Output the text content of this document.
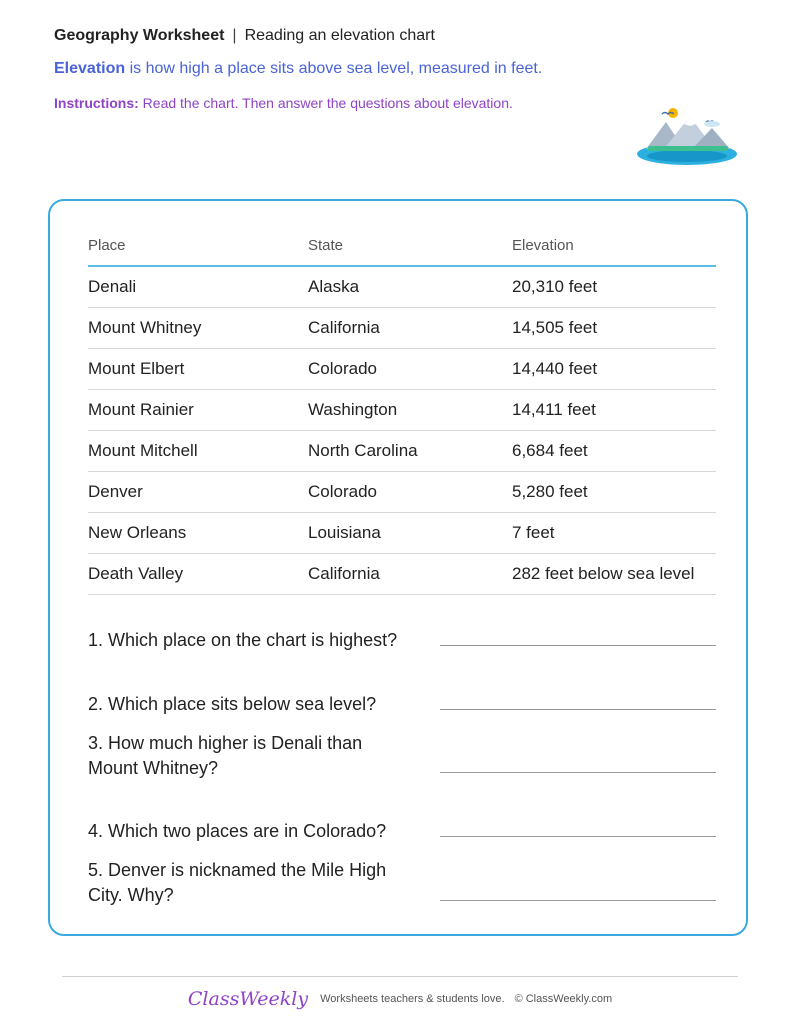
Geography Worksheet | Reading an elevation chart
Elevation is how high a place sits above sea level, measured in feet.
Instructions: Read the chart. Then answer the questions about elevation.
Place	State	Elevation
Denali	Alaska	20,310 feet
Mount Whitney	California	14,505 feet
Mount Elbert	Colorado	14,440 feet
Mount Rainier	Washington	14,411 feet
Mount Mitchell	North Carolina	6,684 feet
Denver	Colorado	5,280 feet
New Orleans	Louisiana	7 feet
Death Valley	California	282 feet below sea level
1. Which place on the chart is highest?
2. Which place sits below sea level?
3. How much higher is Denali than Mount Whitney?
4. Which two places are in Colorado?
5. Denver is nicknamed the Mile High City. Why?
ClassWeekly Worksheets teachers & students love. © ClassWeekly.com
